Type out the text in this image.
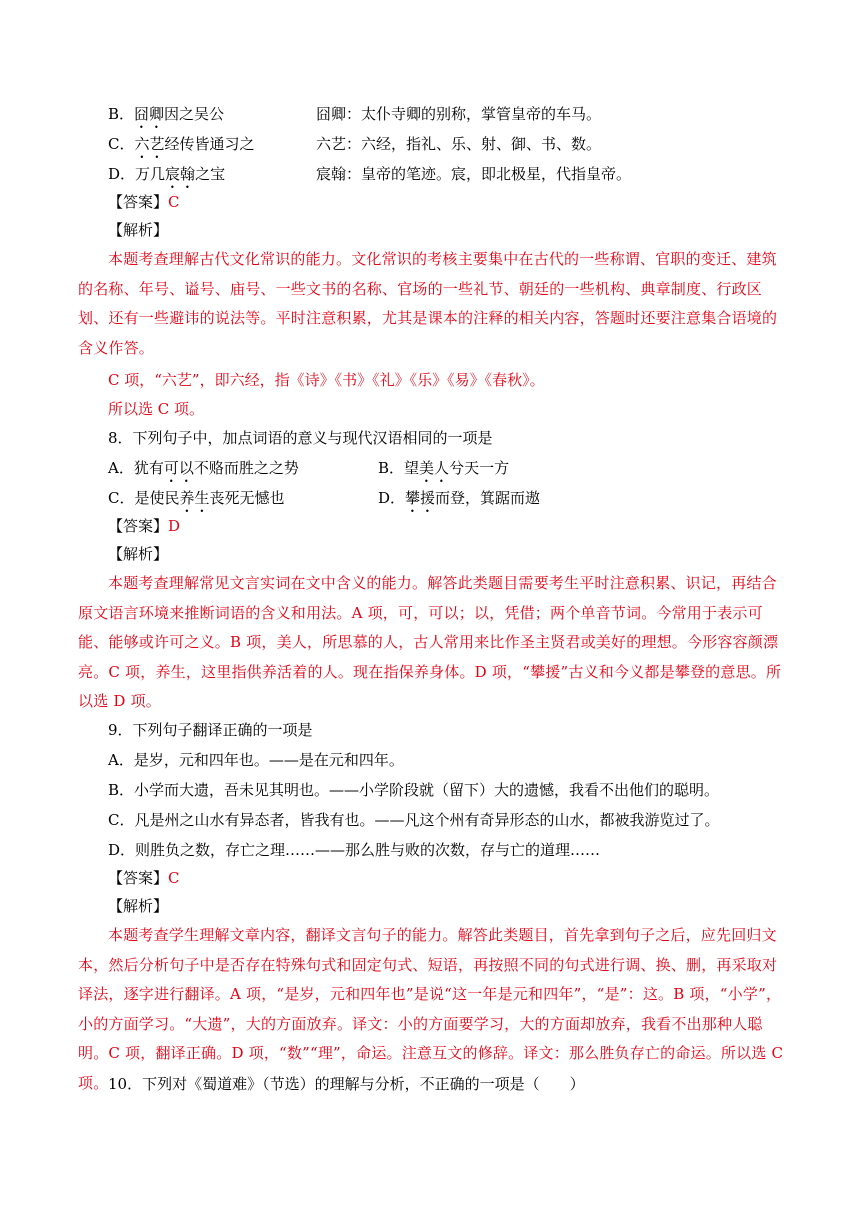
B．囧卿因之吴公	囧卿：太仆寺卿的别称，掌管皇帝的车马。
C．六艺经传皆通习之	六艺：六经，指礼、乐、射、御、书、数。
D．万几宸翰之宝	宸翰：皇帝的笔迹。宸，即北极星，代指皇帝。
【答案】C
【解析】
本题考查理解古代文化常识的能力。文化常识的考核主要集中在古代的一些称谓、官职的变迁、建筑的名称、年号、谥号、庙号、一些文书的名称、官场的一些礼节、朝廷的一些机构、典章制度、行政区划、还有一些避讳的说法等。平时注意积累，尤其是课本的注释的相关内容，答题时还要注意集合语境的含义作答。
C 项，“六艺”，即六经，指《诗》《书》《礼》《乐》《易》《春秋》。
所以选 C 项。
8．下列句子中，加点词语的意义与现代汉语相同的一项是
A．犹有可以不赂而胜之之势	B．望美人兮天一方
C．是使民养生丧死无憾也	D．攀援而登，箕踞而遨
【答案】D
【解析】
本题考查理解常见文言实词在文中含义的能力。解答此类题目需要考生平时注意积累、识记，再结合原文语言环境来推断词语的含义和用法。A 项，可，可以；以，凭借；两个单音节词。今常用于表示可能、能够或许可之义。B 项，美人，所思慕的人，古人常用来比作圣主贤君或美好的理想。今形容容颜漂亮。C 项，养生，这里指供养活着的人。现在指保养身体。D 项，“攀援”古义和今义都是攀登的意思。所以选 D 项。
9．下列句子翻译正确的一项是
A．是岁，元和四年也。——是在元和四年。
B．小学而大遗，吾未见其明也。——小学阶段就（留下）大的遗憾，我看不出他们的聪明。
C．凡是州之山水有异态者，皆我有也。——凡这个州有奇异形态的山水，都被我游览过了。
D．则胜负之数，存亡之理……——那么胜与败的次数，存与亡的道理……
【答案】C
【解析】
本题考查学生理解文章内容，翻译文言句子的能力。解答此类题目，首先拿到句子之后，应先回归文本，然后分析句子中是否存在特殊句式和固定句式、短语，再按照不同的句式进行调、换、删，再采取对译法，逐字进行翻译。A 项，“是岁，元和四年也”是说“这一年是元和四年”，“是”：这。B 项，“小学”，小的方面学习。“大遗”，大的方面放弃。译文：小的方面要学习，大的方面却放弃，我看不出那种人聪明。C 项，翻译正确。D 项，“数”“理”，命运。注意互文的修辞。译文：那么胜负存亡的命运。所以选 C 项。 10．下列对《蜀道难》（节选）的理解与分析，不正确的一项是（　　）
